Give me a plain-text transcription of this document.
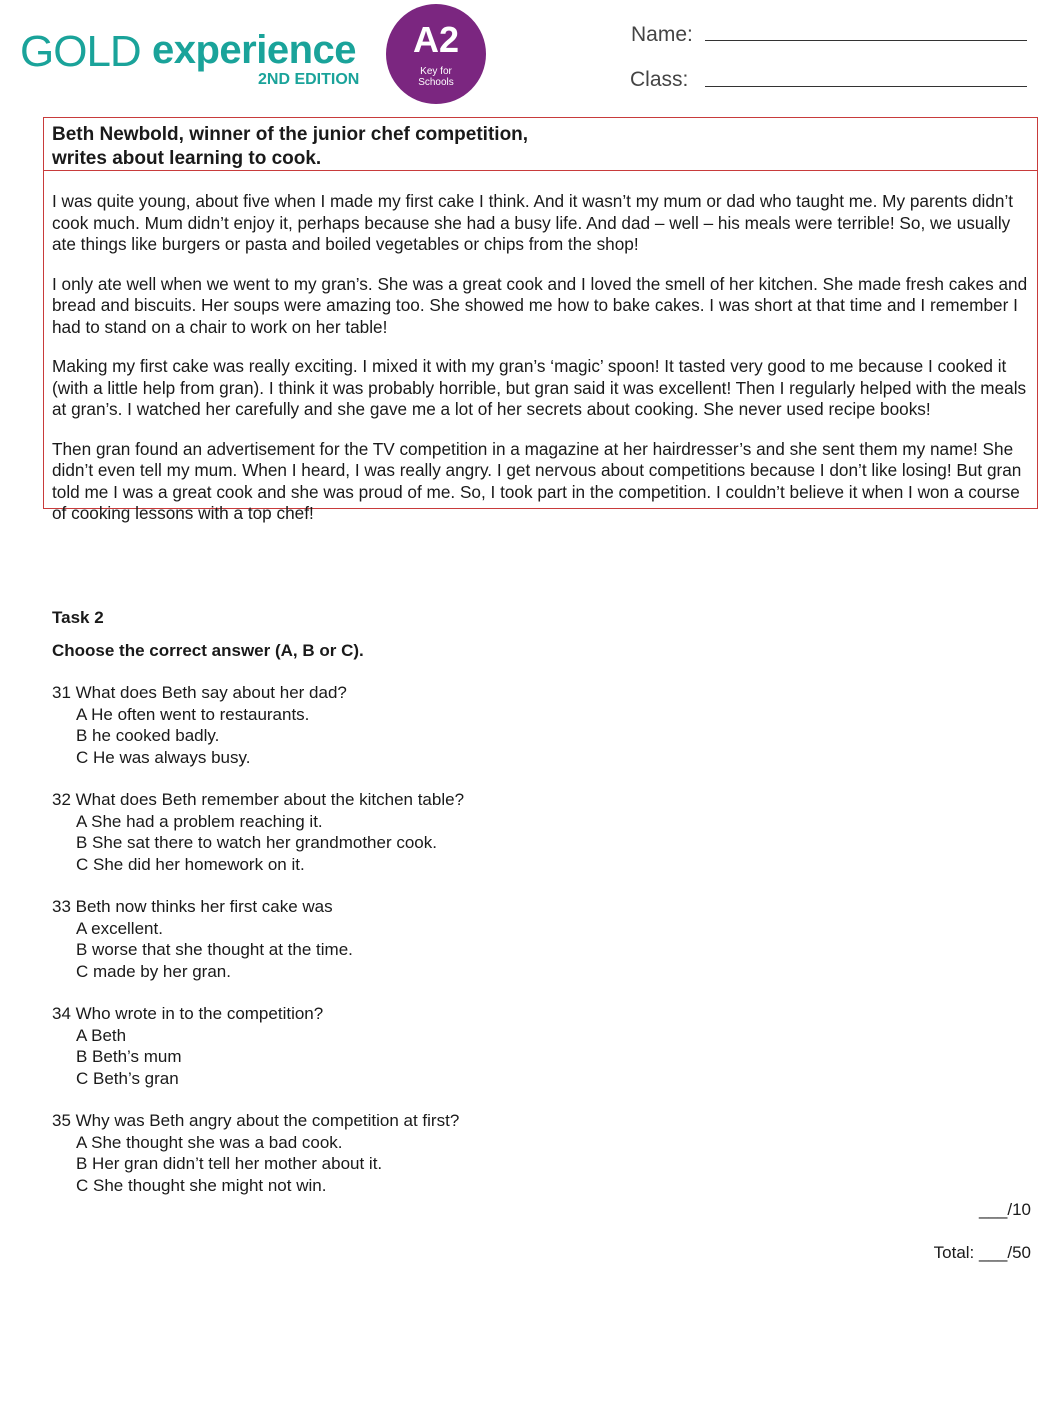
GOLD experience
2ND EDITION
A2
Key for
Schools
Name:
Class:
Beth Newbold, winner of the junior chef competition,
writes about learning to cook.

I was quite young, about five when I made my first cake I think. And it wasn’t my mum or dad who taught me. My parents didn’t cook much. Mum didn’t enjoy it, perhaps because she had a busy life. And dad – well – his meals were terrible! So, we usually ate things like burgers or pasta and boiled vegetables or chips from the shop!

I only ate well when we went to my gran’s. She was a great cook and I loved the smell of her kitchen. She made fresh cakes and bread and biscuits. Her soups were amazing too. She showed me how to bake cakes. I was short at that time and I remember I had to stand on a chair to work on her table!

Making my first cake was really exciting. I mixed it with my gran’s ‘magic’ spoon! It tasted very good to me because I cooked it (with a little help from gran). I think it was probably horrible, but gran said it was excellent! Then I regularly helped with the meals at gran’s. I watched her carefully and she gave me a lot of her secrets about cooking. She never used recipe books!

Then gran found an advertisement for the TV competition in a magazine at her hairdresser’s and she sent them my name! She didn’t even tell my mum. When I heard, I was really angry. I get nervous about competitions because I don’t like losing! But gran told me I was a great cook and she was proud of me. So, I took part in the competition. I couldn’t believe it when I won a course of cooking lessons with a top chef!

Task 2
Choose the correct answer (A, B or C).
31 What does Beth say about her dad?
A He often went to restaurants.
B he cooked badly.
C He was always busy.
32 What does Beth remember about the kitchen table?
A She had a problem reaching it.
B She sat there to watch her grandmother cook.
C She did her homework on it.
33 Beth now thinks her first cake was
A excellent.
B worse that she thought at the time.
C made by her gran.
34 Who wrote in to the competition?
A Beth
B Beth’s mum
C Beth’s gran
35 Why was Beth angry about the competition at first?
A She thought she was a bad cook.
B Her gran didn’t tell her mother about it.
C She thought she might not win.
___/10
Total: ___/50
